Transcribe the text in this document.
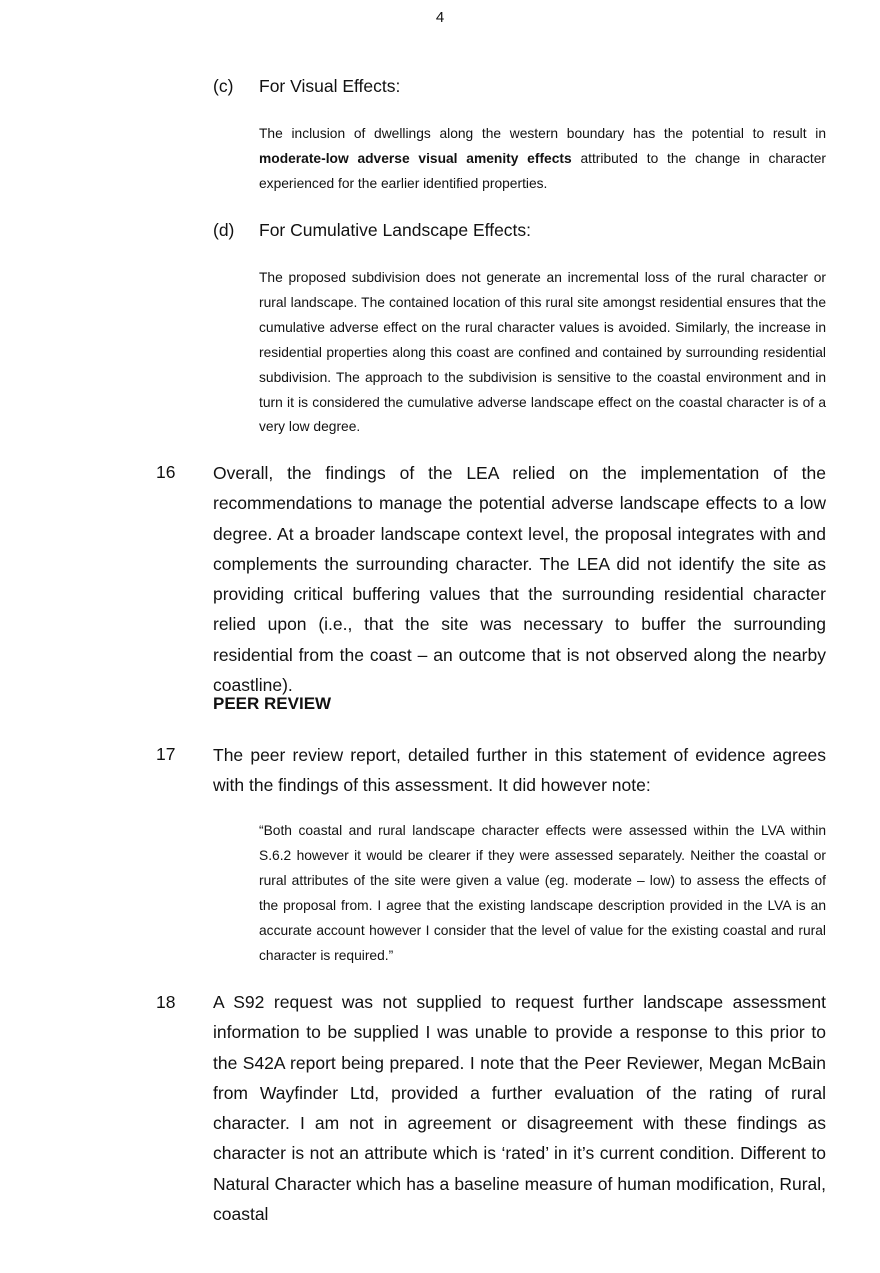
4
(c) For Visual Effects:
The inclusion of dwellings along the western boundary has the potential to result in moderate-low adverse visual amenity effects attributed to the change in character experienced for the earlier identified properties.
(d) For Cumulative Landscape Effects:
The proposed subdivision does not generate an incremental loss of the rural character or rural landscape. The contained location of this rural site amongst residential ensures that the cumulative adverse effect on the rural character values is avoided. Similarly, the increase in residential properties along this coast are confined and contained by surrounding residential subdivision. The approach to the subdivision is sensitive to the coastal environment and in turn it is considered the cumulative adverse landscape effect on the coastal character is of a very low degree.
16 Overall, the findings of the LEA relied on the implementation of the recommendations to manage the potential adverse landscape effects to a low degree. At a broader landscape context level, the proposal integrates with and complements the surrounding character. The LEA did not identify the site as providing critical buffering values that the surrounding residential character relied upon (i.e., that the site was necessary to buffer the surrounding residential from the coast – an outcome that is not observed along the nearby coastline).
PEER REVIEW
17 The peer review report, detailed further in this statement of evidence agrees with the findings of this assessment. It did however note:
“Both coastal and rural landscape character effects were assessed within the LVA within S.6.2 however it would be clearer if they were assessed separately. Neither the coastal or rural attributes of the site were given a value (eg. moderate – low) to assess the effects of the proposal from. I agree that the existing landscape description provided in the LVA is an accurate account however I consider that the level of value for the existing coastal and rural character is required.”
18 A S92 request was not supplied to request further landscape assessment information to be supplied I was unable to provide a response to this prior to the S42A report being prepared. I note that the Peer Reviewer, Megan McBain from Wayfinder Ltd, provided a further evaluation of the rating of rural character. I am not in agreement or disagreement with these findings as character is not an attribute which is ‘rated’ in it’s current condition. Different to Natural Character which has a baseline measure of human modification, Rural, coastal
